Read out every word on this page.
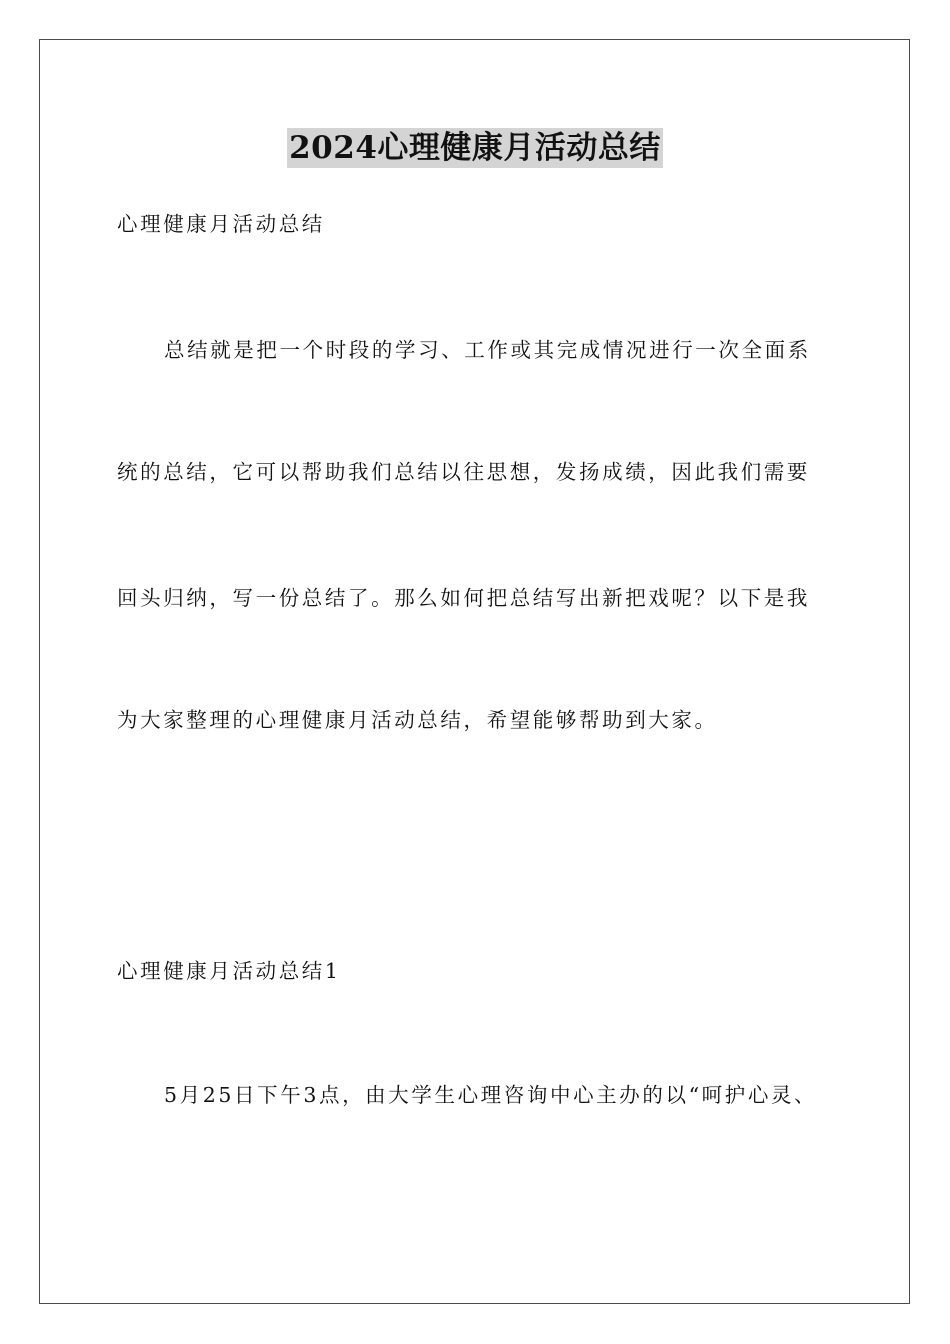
2024心理健康月活动总结
心理健康月活动总结
总结就是把一个时段的学习、工作或其完成情况进行一次全面系
统的总结，它可以帮助我们总结以往思想，发扬成绩，因此我们需要
回头归纳，写一份总结了。那么如何把总结写出新把戏呢？以下是我
为大家整理的心理健康月活动总结，希望能够帮助到大家。
心理健康月活动总结1
5月25日下午3点，由大学生心理咨询中心主办的以“呵护心灵、
